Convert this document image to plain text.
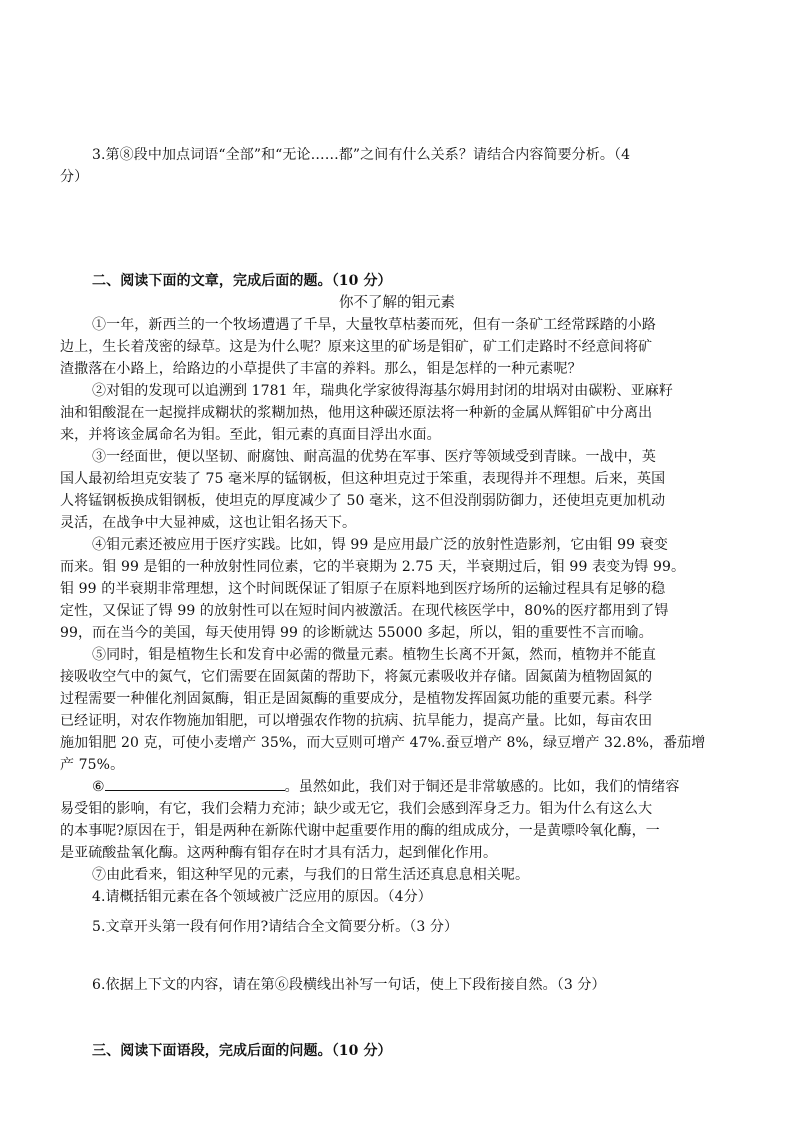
3.第⑧段中加点词语“全部”和“无论……都”之间有什么关系？请结合内容简要分析。（4
分）
二、阅读下面的文章，完成后面的题。（10 分）
你不了解的钼元素
①一年，新西兰的一个牧场遭遇了千旱，大量牧草枯萎而死，但有一条矿工经常踩踏的小路
边上，生长着茂密的绿草。这是为什么呢？原来这里的矿场是钼矿，矿工们走路时不经意间将矿
渣撒落在小路上，给路边的小草提供了丰富的养料。那么，钼是怎样的一种元素呢？
②对钼的发现可以追溯到 1781 年，瑞典化学家彼得海基尔姆用封闭的坩埚对由碳粉、亚麻籽
油和钼酸混在一起搅拌成糊状的浆糊加热，他用这种碳还原法将一种新的金属从辉钼矿中分离出
来，并将该金属命名为钼。至此，钼元素的真面目浮出水面。
③一经面世，便以坚韧、耐腐蚀、耐高温的优势在军事、医疗等领域受到青睐。一战中，英
国人最初给坦克安装了 75 毫米厚的锰钢板，但这种坦克过于笨重，表现得并不理想。后来，英国
人将锰钢板换成钼钢板，使坦克的厚度减少了 50 毫米，这不但没削弱防御力，还使坦克更加机动
灵活，在战争中大显神威，这也让钼名扬天下。
④钼元素还被应用于医疗实践。比如，锝 99 是应用最广泛的放射性造影剂，它由钼 99 衰变
而来。钼 99 是钼的一种放射性同位素，它的半衰期为 2.75 天，半衰期过后，钼 99 表变为锝 99。
钼 99 的半衰期非常理想，这个时间既保证了钼原子在原料地到医疗场所的运输过程具有足够的稳
定性，又保证了锝 99 的放射性可以在短时间内被激活。在现代核医学中，80%的医疗都用到了锝
99，而在当今的美国，每天使用锝 99 的诊断就达 55000 多起，所以，钼的重要性不言而喻。
⑤同时，钼是植物生长和发育中必需的微量元素。植物生长离不开氮，然而，植物并不能直
接吸收空气中的氮气，它们需要在固氮菌的帮助下，将氮元素吸收并存储。固氮菌为植物固氮的
过程需要一种催化剂固氮酶，钼正是固氮酶的重要成分，是植物发挥固氮功能的重要元素。科学
已经证明，对农作物施加钼肥，可以增强农作物的抗病、抗旱能力，提高产量。比如，每亩农田
施加钼肥 20 克，可使小麦增产 35%，而大豆则可增产 47%.蚕豆增产 8%，绿豆增产 32.8%，番茄增
产 75%。
⑥	。虽然如此，我们对于铜还是非常敏感的。比如，我们的情绪容
易受钼的影响，有它，我们会精力充沛；缺少或无它，我们会感到浑身乏力。钼为什么有这么大
的本事呢?原因在于，钼是两种在新陈代谢中起重要作用的酶的组成成分，一是黄嘌呤氧化酶，一
是亚硫酸盐氧化酶。这两种酶有钼存在时才具有活力，起到催化作用。
⑦由此看来，钼这种罕见的元素，与我们的日常生活还真息息相关呢。
4.请概括钼元素在各个领域被广泛应用的原因。（4分）
5.文章开头第一段有何作用?请结合全文简要分析。（3 分）
6.依据上下文的内容，请在第⑥段横线出补写一句话，使上下段衔接自然。（3 分）
三、阅读下面语段，完成后面的问题。（10 分）
